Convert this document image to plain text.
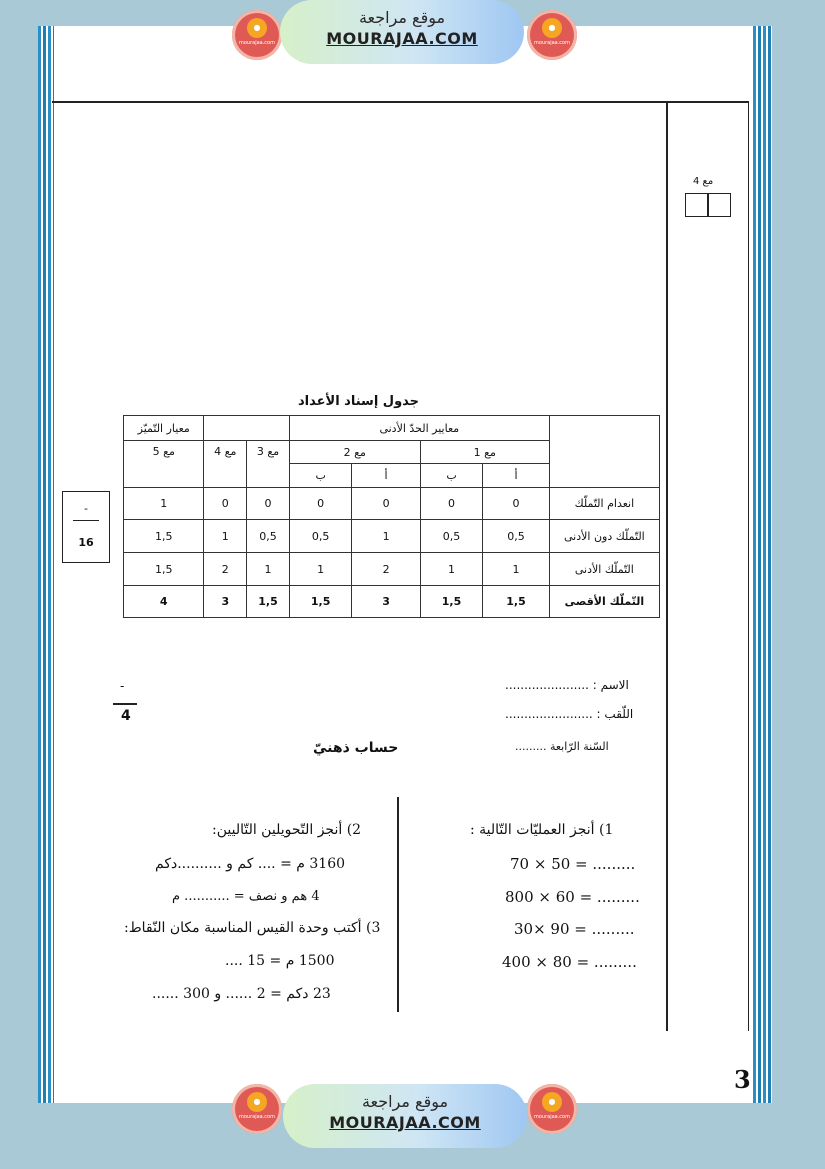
●
mourajaa.com
موقع مراجعة
MOURAJAA.COM
●
mourajaa.com
مع 4
جدول إسناد الأعداد
	معايير الحدّ الأدنى						معيار التّميّز
	مع 1		مع 2		مع 3	مع 4	مع 5
	أ	ب	أ	ب			
انعدام التّملّك	0	0	0	0	0	0	1
التّملّك دون الأدنى	0,5	0,5	1	0,5	0,5	1	1,5
التّملّك الأدنى	1	1	2	1	1	2	1,5
التّملّك الأقصى	1,5	1,5	3	1,5	1,5	3	4
-
16
-
4
الاسم : ......................
اللّقب : .......................
السّنة الرّابعة .........
حساب ذهنيّ
1) أنجز العمليّات التّالية :
70 × 50 = .........
800 × 60 = .........
30× 90 = .........
400 × 80 = .........
2) أنجز التّحويلين التّاليين:
3160 م = .... كم و ..........دكم
4 هم و نصف = ........... م
3) أكتب وحدة القيس المناسبة مكان النّقاط:
1500 م = 15 ....
23 دكم = 2 ...... و 300 ......
3
●
mourajaa.com
موقع مراجعة
MOURAJAA.COM
●
mourajaa.com
